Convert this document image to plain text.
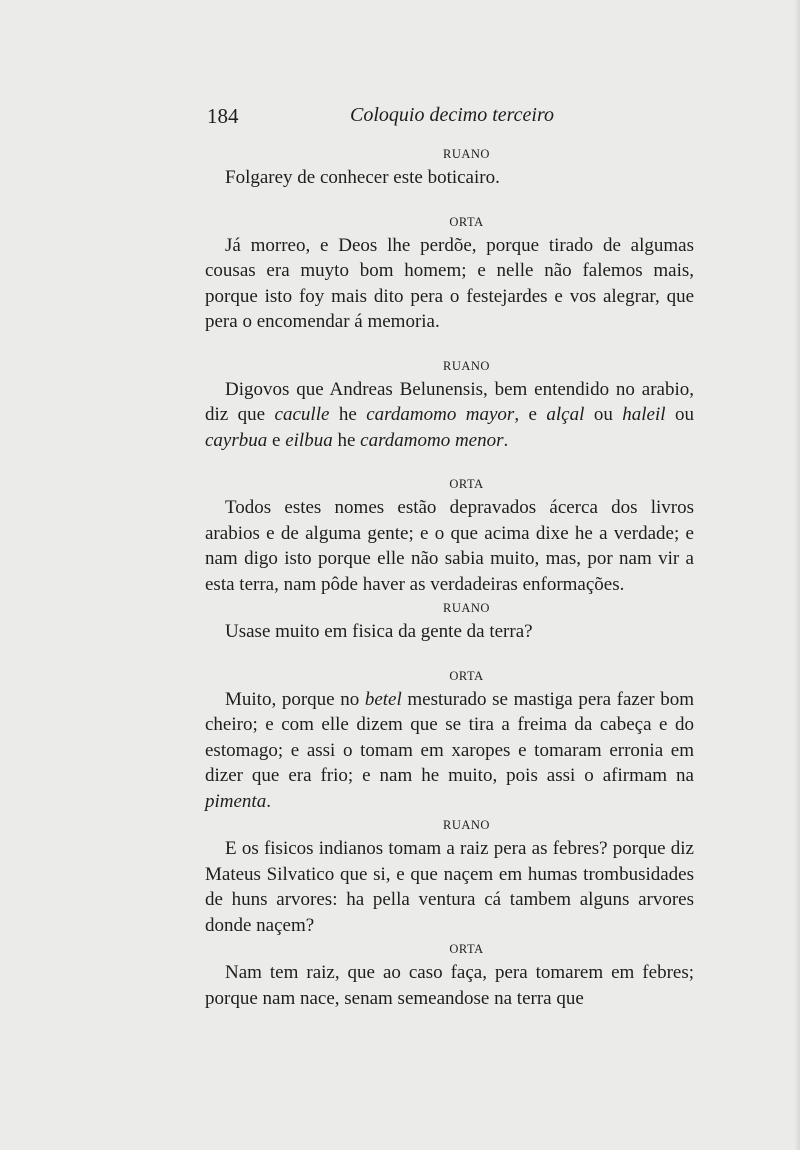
184	Coloquio decimo terceiro
RUANO

Folgarey de conhecer este boticairo.

ORTA

Já morreo, e Deos lhe perdõe, porque tirado de algumas cousas era muyto bom homem; e nelle não falemos mais, porque isto foy mais dito pera o festejardes e vos alegrar, que pera o encomendar á memoria.

RUANO

Digovos que Andreas Belunensis, bem entendido no arabio, diz que caculle he cardamomo mayor, e alçal ou haleil ou cayrbua e eilbua he cardamomo menor.

ORTA

Todos estes nomes estão depravados ácerca dos livros arabios e de alguma gente; e o que acima dixe he a verdade; e nam digo isto porque elle não sabia muito, mas, por nam vir a esta terra, nam pôde haver as verdadeiras enformações.

RUANO

Usase muito em fisica da gente da terra?

ORTA

Muito, porque no betel mesturado se mastiga pera fazer bom cheiro; e com elle dizem que se tira a freima da cabeça e do estomago; e assi o tomam em xaropes e tomaram erronia em dizer que era frio; e nam he muito, pois assi o afirmam na pimenta.

RUANO

E os fisicos indianos tomam a raiz pera as febres? porque diz Mateus Silvatico que si, e que naçem em humas trombusidades de huns arvores: ha pella ventura cá tambem alguns arvores donde naçem?

ORTA

Nam tem raiz, que ao caso faça, pera tomarem em febres; porque nam nace, senam semeandose na terra que
